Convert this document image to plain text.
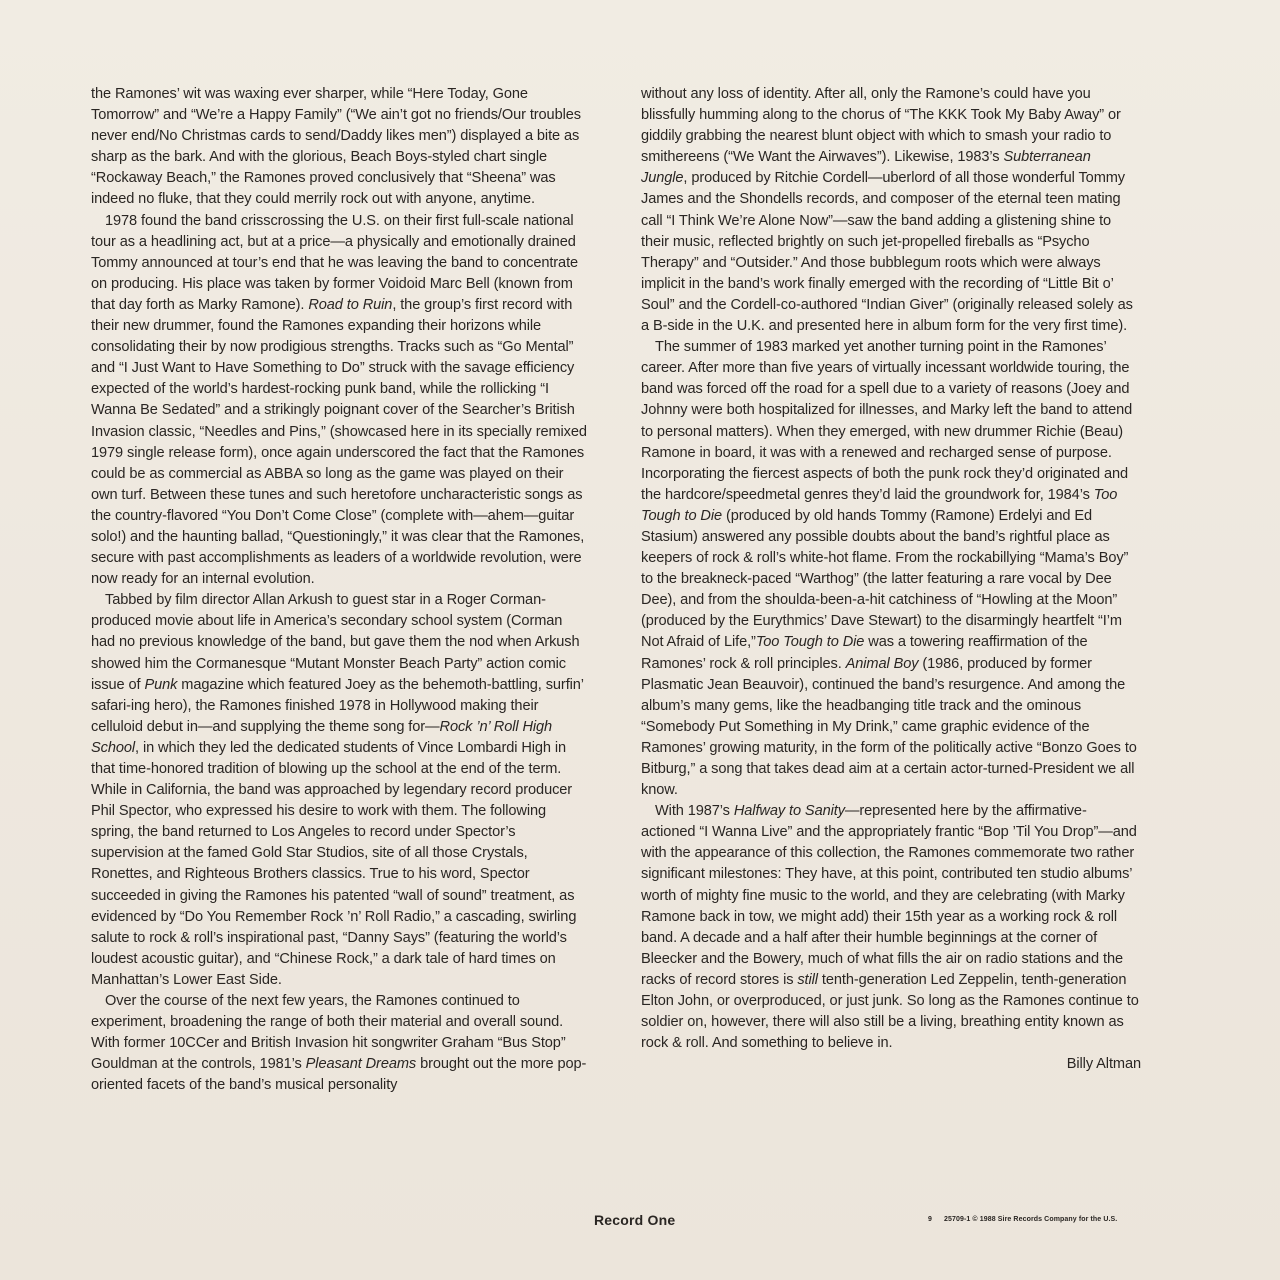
the Ramones’ wit was waxing ever sharper, while “Here Today, Gone Tomorrow” and “We’re a Happy Family” (“We ain’t got no friends/Our troubles never end/No Christmas cards to send/Daddy likes men”) displayed a bite as sharp as the bark. And with the glorious, Beach Boys-styled chart single “Rockaway Beach,” the Ramones proved conclusively that “Sheena” was indeed no fluke, that they could merrily rock out with anyone, anytime.

1978 found the band crisscrossing the U.S. on their first full-scale national tour as a headlining act, but at a price—a physically and emotionally drained Tommy announced at tour’s end that he was leaving the band to concentrate on producing. His place was taken by former Voidoid Marc Bell (known from that day forth as Marky Ramone). Road to Ruin, the group’s first record with their new drummer, found the Ramones expanding their horizons while consolidating their by now prodigious strengths. Tracks such as “Go Mental” and “I Just Want to Have Something to Do” struck with the savage efficiency expected of the world’s hardest-rocking punk band, while the rollicking “I Wanna Be Sedated” and a strikingly poignant cover of the Searcher’s British Invasion classic, “Needles and Pins,” (showcased here in its specially remixed 1979 single release form), once again underscored the fact that the Ramones could be as commercial as ABBA so long as the game was played on their own turf. Between these tunes and such heretofore uncharacteristic songs as the country-flavored “You Don’t Come Close” (complete with—ahem—guitar solo!) and the haunting ballad, “Questioningly,” it was clear that the Ramones, secure with past accomplishments as leaders of a worldwide revolution, were now ready for an internal evolution.

Tabbed by film director Allan Arkush to guest star in a Roger Corman-produced movie about life in America’s secondary school system (Corman had no previous knowledge of the band, but gave them the nod when Arkush showed him the Cormanesque “Mutant Monster Beach Party” action comic issue of Punk magazine which featured Joey as the behemoth-battling, surfin’ safari-ing hero), the Ramones finished 1978 in Hollywood making their celluloid debut in—and supplying the theme song for—Rock ’n’ Roll High School, in which they led the dedicated students of Vince Lombardi High in that time-honored tradition of blowing up the school at the end of the term. While in California, the band was approached by legendary record producer Phil Spector, who expressed his desire to work with them. The following spring, the band returned to Los Angeles to record under Spector’s supervision at the famed Gold Star Studios, site of all those Crystals, Ronettes, and Righteous Brothers classics. True to his word, Spector succeeded in giving the Ramones his patented “wall of sound” treatment, as evidenced by “Do You Remember Rock ’n’ Roll Radio,” a cascading, swirling salute to rock & roll’s inspirational past, “Danny Says” (featuring the world’s loudest acoustic guitar), and “Chinese Rock,” a dark tale of hard times on Manhattan’s Lower East Side.

Over the course of the next few years, the Ramones continued to experiment, broadening the range of both their material and overall sound. With former 10CCer and British Invasion hit songwriter Graham “Bus Stop” Gouldman at the controls, 1981’s Pleasant Dreams brought out the more pop-oriented facets of the band’s musical personality

without any loss of identity. After all, only the Ramone’s could have you blissfully humming along to the chorus of “The KKK Took My Baby Away” or giddily grabbing the nearest blunt object with which to smash your radio to smithereens (“We Want the Airwaves”). Likewise, 1983’s Subterranean Jungle, produced by Ritchie Cordell—uberlord of all those wonderful Tommy James and the Shondells records, and composer of the eternal teen mating call “I Think We’re Alone Now”—saw the band adding a glistening shine to their music, reflected brightly on such jet-propelled fireballs as “Psycho Therapy” and “Outsider.” And those bubblegum roots which were always implicit in the band’s work finally emerged with the recording of “Little Bit o’ Soul” and the Cordell-co-authored “Indian Giver” (originally released solely as a B-side in the U.K. and presented here in album form for the very first time).

The summer of 1983 marked yet another turning point in the Ramones’ career. After more than five years of virtually incessant worldwide touring, the band was forced off the road for a spell due to a variety of reasons (Joey and Johnny were both hospitalized for illnesses, and Marky left the band to attend to personal matters). When they emerged, with new drummer Richie (Beau) Ramone in board, it was with a renewed and recharged sense of purpose. Incorporating the fiercest aspects of both the punk rock they’d originated and the hardcore/speedmetal genres they’d laid the groundwork for, 1984’s Too Tough to Die (produced by old hands Tommy (Ramone) Erdelyi and Ed Stasium) answered any possible doubts about the band’s rightful place as keepers of rock & roll’s white-hot flame. From the rockabillying “Mama’s Boy” to the breakneck-paced “Warthog” (the latter featuring a rare vocal by Dee Dee), and from the shoulda-been-a-hit catchiness of “Howling at the Moon” (produced by the Eurythmics’ Dave Stewart) to the disarmingly heartfelt “I’m Not Afraid of Life,”Too Tough to Die was a towering reaffirmation of the Ramones’ rock & roll principles. Animal Boy (1986, produced by former Plasmatic Jean Beauvoir), continued the band’s resurgence. And among the album’s many gems, like the headbanging title track and the ominous “Somebody Put Something in My Drink,” came graphic evidence of the Ramones’ growing maturity, in the form of the politically active “Bonzo Goes to Bitburg,” a song that takes dead aim at a certain actor-turned-President we all know.

With 1987’s Halfway to Sanity—represented here by the affirmative-actioned “I Wanna Live” and the appropriately frantic “Bop ’Til You Drop”—and with the appearance of this collection, the Ramones commemorate two rather significant milestones: They have, at this point, contributed ten studio albums’ worth of mighty fine music to the world, and they are celebrating (with Marky Ramone back in tow, we might add) their 15th year as a working rock & roll band. A decade and a half after their humble beginnings at the corner of Bleecker and the Bowery, much of what fills the air on radio stations and the racks of record stores is still tenth-generation Led Zeppelin, tenth-generation Elton John, or overproduced, or just junk. So long as the Ramones continue to soldier on, however, there will also still be a living, breathing entity known as rock & roll. And something to believe in.

Billy Altman

Record One	9 25709-1 © 1988 Sire Records Company for the U.S.
